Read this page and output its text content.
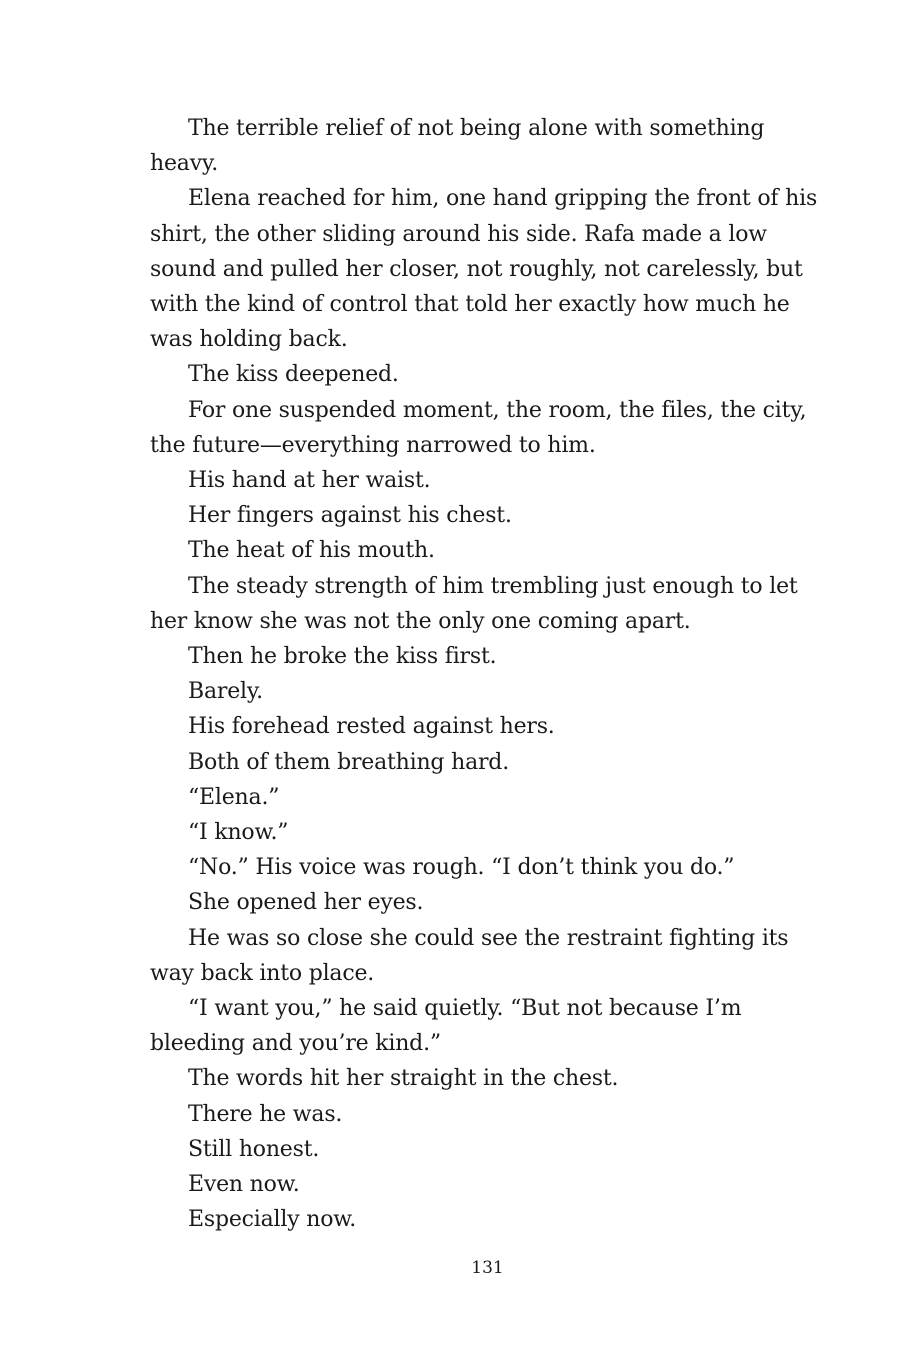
The terrible relief of not being alone with something heavy.

Elena reached for him, one hand gripping the front of his shirt, the other sliding around his side. Rafa made a low sound and pulled her closer, not roughly, not carelessly, but with the kind of control that told her exactly how much he was holding back.

The kiss deepened.

For one suspended moment, the room, the files, the city, the future—everything narrowed to him.

His hand at her waist.

Her fingers against his chest.

The heat of his mouth.

The steady strength of him trembling just enough to let her know she was not the only one coming apart.

Then he broke the kiss first.

Barely.

His forehead rested against hers.

Both of them breathing hard.

“Elena.”

“I know.”

“No.” His voice was rough. “I don’t think you do.”

She opened her eyes.

He was so close she could see the restraint fighting its way back into place.

“I want you,” he said quietly. “But not because I’m bleeding and you’re kind.”

The words hit her straight in the chest.

There he was.

Still honest.

Even now.

Especially now.

131
